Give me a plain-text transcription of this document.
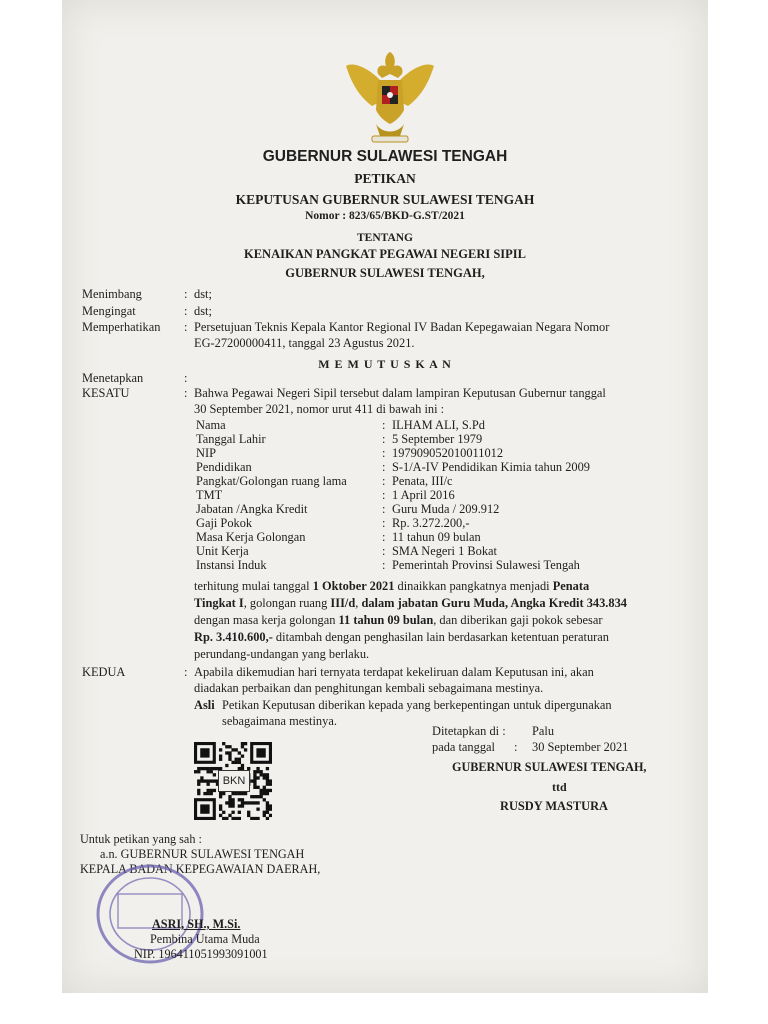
GUBERNUR SULAWESI TENGAH
PETIKAN
KEPUTUSAN GUBERNUR SULAWESI TENGAH
Nomor : 823/65/BKD-G.ST/2021
TENTANG
KENAIKAN PANGKAT PEGAWAI NEGERI SIPIL
GUBERNUR SULAWESI TENGAH,
Menimbang	: dst;
Mengingat	: dst;
Memperhatikan : Persetujuan Teknis Kepala Kantor Regional IV Badan Kepegawaian Negara Nomor
EG-27200000411, tanggal 23 Agustus 2021.
M E M U T U S K A N
Menetapkan	:
KESATU	: Bahwa Pegawai Negeri Sipil tersebut dalam lampiran Keputusan Gubernur tanggal
30 September 2021, nomor urut 411 di bawah ini :
Nama	: ILHAM ALI, S.Pd
Tanggal Lahir	: 5 September 1979
NIP	: 197909052010011012
Pendidikan	: S-1/A-IV Pendidikan Kimia tahun 2009
Pangkat/Golongan ruang lama	: Penata, III/c
TMT	: 1 April 2016
Jabatan /Angka Kredit	: Guru Muda / 209.912
Gaji Pokok	: Rp. 3.272.200,-
Masa Kerja Golongan	: 11 tahun 09 bulan
Unit Kerja	: SMA Negeri 1 Bokat
Instansi Induk	: Pemerintah Provinsi Sulawesi Tengah
terhitung mulai tanggal 1 Oktober 2021 dinaikkan pangkatnya menjadi Penata
Tingkat I, golongan ruang III/d, dalam jabatan Guru Muda, Angka Kredit 343.834
dengan masa kerja golongan 11 tahun 09 bulan, dan diberikan gaji pokok sebesar
Rp. 3.410.600,- ditambah dengan penghasilan lain berdasarkan ketentuan peraturan
perundang-undangan yang berlaku.
KEDUA	: Apabila dikemudian hari ternyata terdapat kekeliruan dalam Keputusan ini, akan
diadakan perbaikan dan penghitungan kembali sebagaimana mestinya.
Asli Petikan Keputusan diberikan kepada yang berkepentingan untuk dipergunakan
sebagaimana mestinya.
Ditetapkan di : Palu
pada tanggal : 30 September 2021
GUBERNUR SULAWESI TENGAH,
ttd
RUSDY MASTURA
BKN
Untuk petikan yang sah :
a.n. GUBERNUR SULAWESI TENGAH
KEPALA BADAN KEPEGAWAIAN DAERAH,
ASRI, SH., M.Si.
Pembina Utama Muda
NIP. 196411051993091001
